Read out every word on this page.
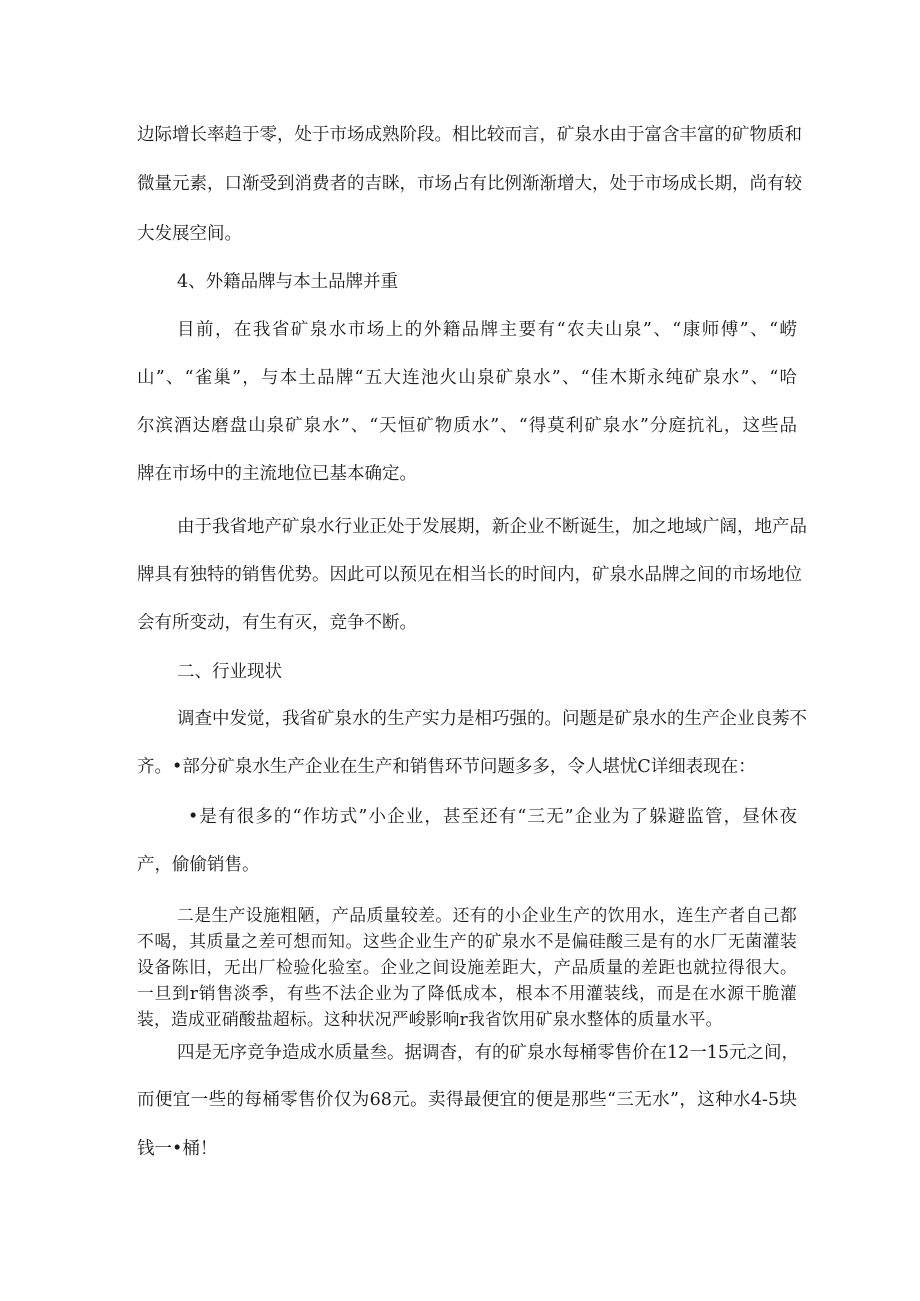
边际增长率趋于零，处于市场成熟阶段。相比较而言，矿泉水由于富含丰富的矿物质和
微量元素，口渐受到消费者的吉眯，市场占有比例渐渐增大，处于市场成长期，尚有较
大发展空间。
4、外籍品牌与本土品牌并重
目前，在我省矿泉水市场上的外籍品牌主要有“农夫山泉”、“康师傅”、“崂
山”、“雀巢”，与本土品牌“五大连池火山泉矿泉水”、“佳木斯永纯矿泉水”、“哈
尔滨酒达磨盘山泉矿泉水”、“天恒矿物质水”、“得莫利矿泉水”分庭抗礼，这些品
牌在市场中的主流地位已基本确定。
由于我省地产矿泉水行业正处于发展期，新企业不断诞生，加之地域广阔，地产品
牌具有独特的销售优势。因此可以预见在相当长的时间内，矿泉水品牌之间的市场地位
会有所变动，有生有灭，竞争不断。
二、行业现状
调查中发觉，我省矿泉水的生产实力是相巧强的。问题是矿泉水的生产企业良莠不
齐。•部分矿泉水生产企业在生产和销售环节问题多多，令人堪忧C详细表现在：
•是有很多的“作坊式”小企业，甚至还有“三无”企业为了躲避监管，昼休夜
产，偷偷销售。
二是生产设施粗陋，产品质量较差。还有的小企业生产的饮用水，连生产者自己都
不喝，其质量之差可想而知。这些企业生产的矿泉水不是偏硅酸三是有的水厂无菌灌装
设备陈旧，无出厂检验化验室。企业之间设施差距大，产品质量的差距也就拉得很大。
一旦到r销售淡季，有些不法企业为了降低成本，根本不用灌装线，而是在水源干脆灌
装，造成亚硝酸盐超标。这种状况严峻影响r我省饮用矿泉水整体的质量水平。
四是无序竞争造成水质量叁。据调杳，有的矿泉水每桶零售价在12一15元之间，
而便宜一些的每桶零售价仅为68元。卖得最便宜的便是那些“三无水”，这种水4-5块
钱一•桶！
